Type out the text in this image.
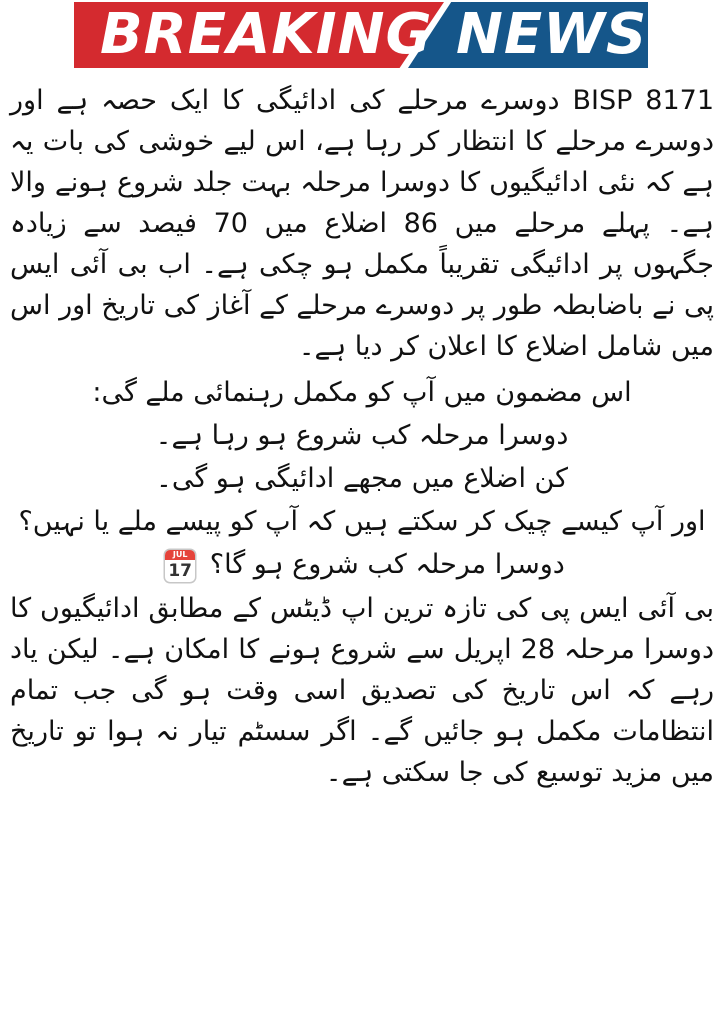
BREAKING NEWS

BISP 8171 دوسرے مرحلے کی ادائیگی کا ایک حصہ ہے اور دوسرے مرحلے کا انتظار کر رہا ہے، اس لیے خوشی کی بات یہ ہے کہ نئی ادائیگیوں کا دوسرا مرحلہ بہت جلد شروع ہونے والا ہے۔ پہلے مرحلے میں 86 اضلاع میں 70 فیصد سے زیادہ جگہوں پر ادائیگی تقریباً مکمل ہو چکی ہے۔ اب بی آئی ایس پی نے باضابطہ طور پر دوسرے مرحلے کے آغاز کی تاریخ اور اس میں شامل اضلاع کا اعلان کر دیا ہے۔

اس مضمون میں آپ کو مکمل رہنمائی ملے گی:
دوسرا مرحلہ کب شروع ہو رہا ہے۔
کن اضلاع میں مجھے ادائیگی ہو گی۔
اور آپ کیسے چیک کر سکتے ہیں کہ آپ کو پیسے ملے یا نہیں؟
دوسرا مرحلہ کب شروع ہو گا؟
JUL
17

بی آئی ایس پی کی تازہ ترین اپ ڈیٹس کے مطابق ادائیگیوں کا دوسرا مرحلہ 28 اپریل سے شروع ہونے کا امکان ہے۔ لیکن یاد رہے کہ اس تاریخ کی تصدیق اسی وقت ہو گی جب تمام انتظامات مکمل ہو جائیں گے۔ اگر سسٹم تیار نہ ہوا تو تاریخ میں مزید توسیع کی جا سکتی ہے۔
